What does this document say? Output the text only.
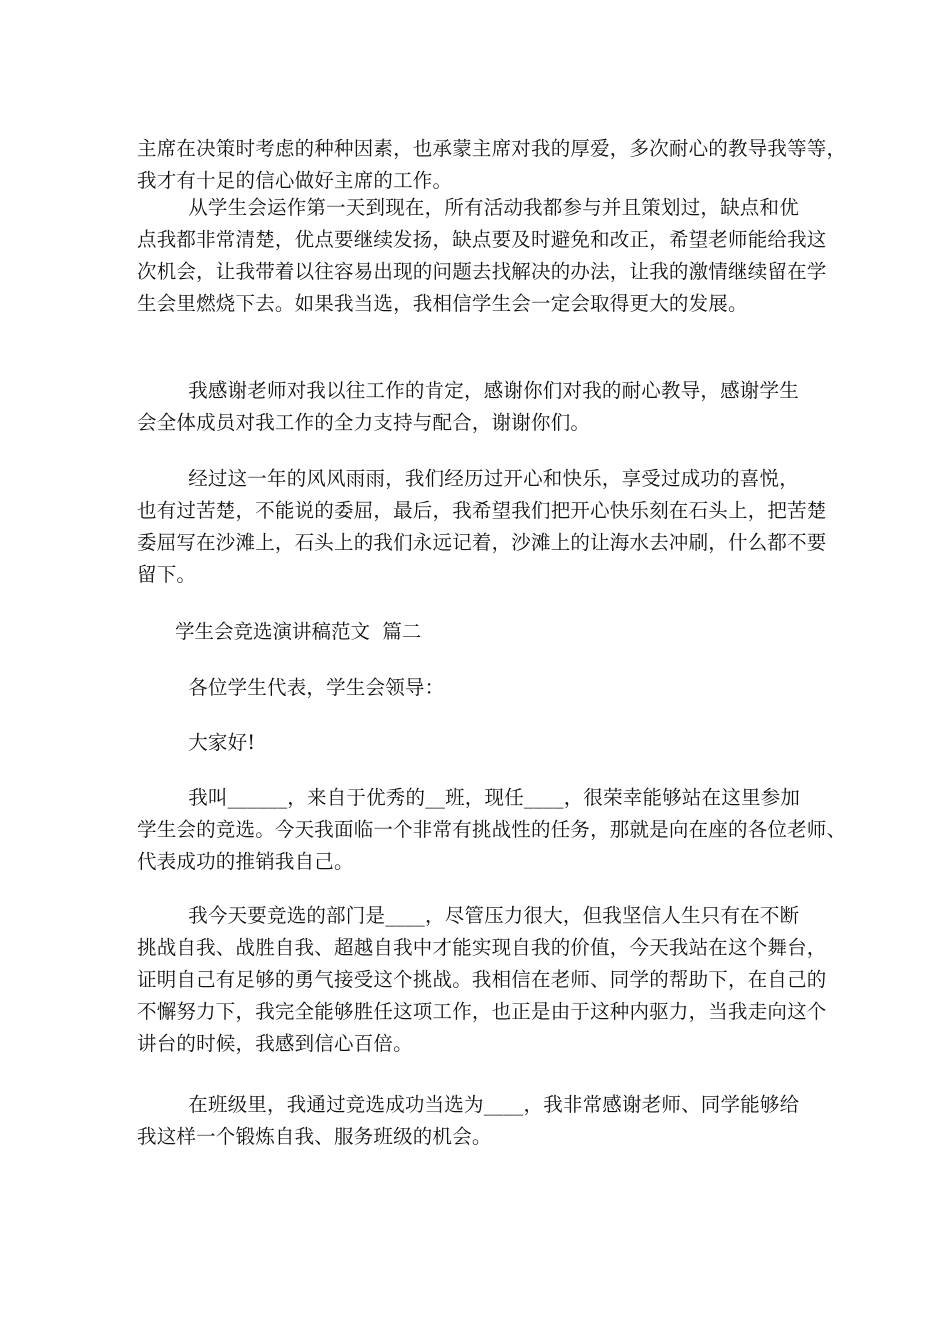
主席在决策时考虑的种种因素，也承蒙主席对我的厚爱，多次耐心的教导我等等，
我才有十足的信心做好主席的工作。
从学生会运作第一天到现在，所有活动我都参与并且策划过，缺点和优
点我都非常清楚，优点要继续发扬，缺点要及时避免和改正，希望老师能给我这
次机会，让我带着以往容易出现的问题去找解决的办法，让我的激情继续留在学
生会里燃烧下去。如果我当选，我相信学生会一定会取得更大的发展。
我感谢老师对我以往工作的肯定，感谢你们对我的耐心教导，感谢学生
会全体成员对我工作的全力支持与配合，谢谢你们。
经过这一年的风风雨雨，我们经历过开心和快乐，享受过成功的喜悦，
也有过苦楚，不能说的委屈，最后，我希望我们把开心快乐刻在石头上，把苦楚
委屈写在沙滩上，石头上的我们永远记着，沙滩上的让海水去冲刷，什么都不要
留下。
学生会竞选演讲稿范文  篇二
各位学生代表，学生会领导：
大家好!
我叫______，来自于优秀的__班，现任____，很荣幸能够站在这里参加
学生会的竞选。今天我面临一个非常有挑战性的任务，那就是向在座的各位老师、
代表成功的推销我自己。
我今天要竞选的部门是____，尽管压力很大，但我坚信人生只有在不断
挑战自我、战胜自我、超越自我中才能实现自我的价值，今天我站在这个舞台，
证明自己有足够的勇气接受这个挑战。我相信在老师、同学的帮助下，在自己的
不懈努力下，我完全能够胜任这项工作，也正是由于这种内驱力，当我走向这个
讲台的时候，我感到信心百倍。
在班级里，我通过竞选成功当选为____，我非常感谢老师、同学能够给
我这样一个锻炼自我、服务班级的机会。
